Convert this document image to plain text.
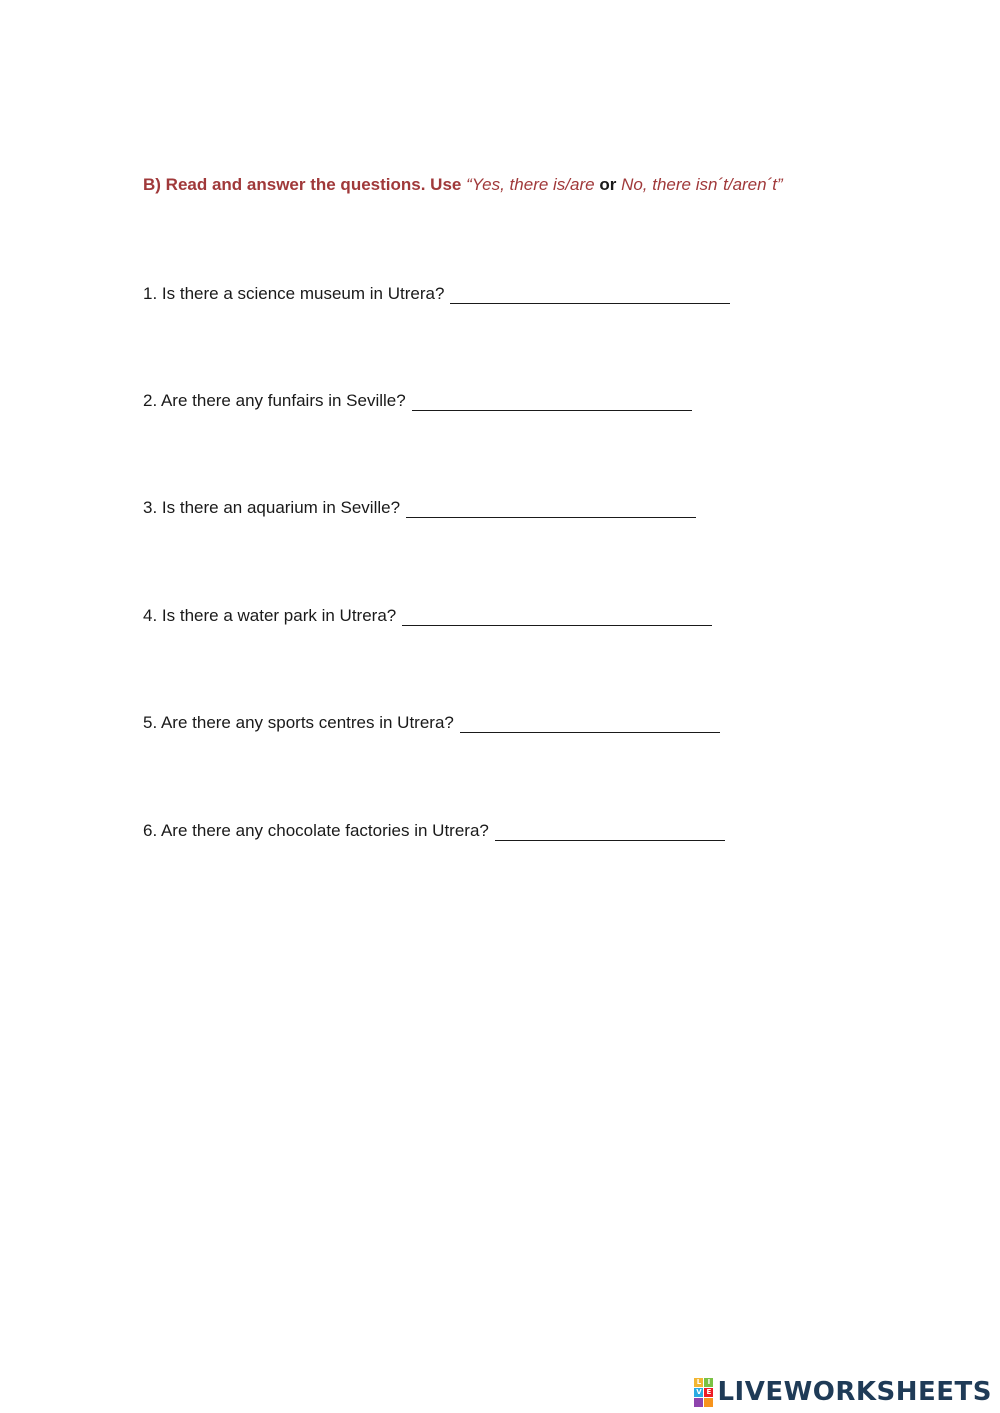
B) Read and answer the questions. Use “Yes, there is/are or No, there isn´t/aren´t”
1. Is there a science museum in Utrera?
2. Are there any funfairs in Seville?
3. Is there an aquarium in Seville?
4. Is there a water park in Utrera?
5. Are there any sports centres in Utrera?
6. Are there any chocolate factories in Utrera?
L I
V E LIVEWORKSHEETS
